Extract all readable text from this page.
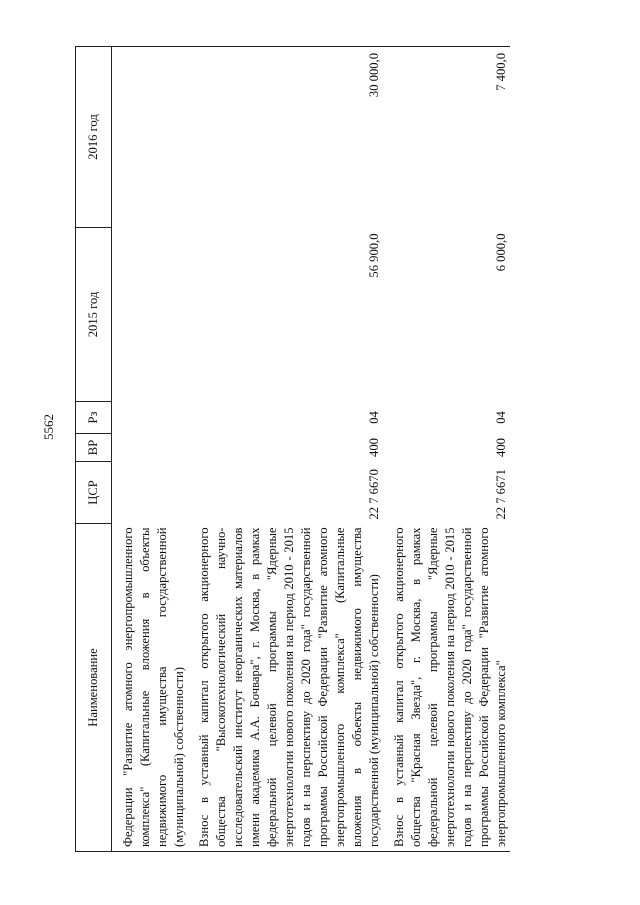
5562
Наименование	ЦСР	ВР	Рз	2015 год	2016 год

Федерации "Развитие атомного энергопромышленного комплекса" (Капитальные вложения в объекты недвижимого имущества государственной (муниципальной) собственности)					

Взнос в уставный капитал открытого акционерного общества "Высокотехнологический научно-исследовательский институт неорганических материалов имени академика А.А. Бочвара", г. Москва, в рамках федеральной целевой программы "Ядерные энерготехнологии нового поколения на период 2010 - 2015 годов и на перспективу до 2020 года" государственной программы Российской Федерации "Развитие атомного энергопромышленного комплекса" (Капитальные вложения в объекты недвижимого имущества государственной (муниципальной) собственности)	22 7 6670	400	04	56 900,0	30 000,0

Взнос в уставный капитал открытого акционерного общества "Красная Звезда", г. Москва, в рамках федеральной целевой программы "Ядерные энерготехнологии нового поколения на период 2010 - 2015 годов и на перспективу до 2020 года" государственной программы Российской Федерации "Развитие атомного энергопромышленного комплекса"	22 7 6671	400	04	6 000,0	7 400,0
